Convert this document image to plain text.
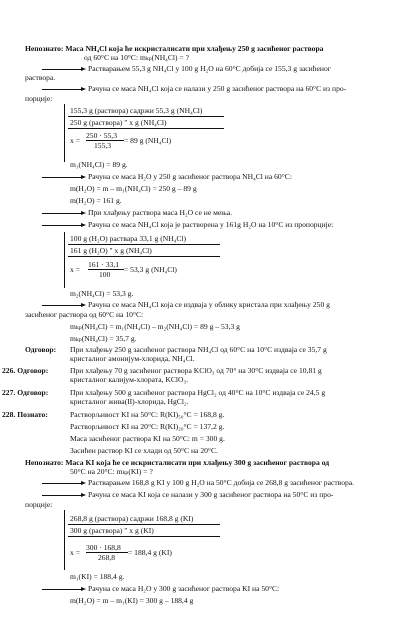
Непознато: Маса NH₄Cl која ће искристалисати при хлађењу 250 g засићеног раствора
од 60°C на 10°C: mₖₚ(NH₄Cl) = ?
Растварањем 55,3 g NH₄Cl у 100 g H₂O на 60°C добија се 155,3 g засићеног
раствора.
Рачуна се маса NH₄Cl која се налази у 250 g засићеног раствора на 60°C из про-
порције:
155,3 g (раствора) садржи 55,3 g (NH₄Cl)
250 g (раствора) " x g (NH₄Cl)
x =
250 · 55,3
155,3
= 89 g (NH₄Cl)
m₁(NH₄Cl) = 89 g.
Рачуна се маса H₂O у 250 g засићеног раствора NH₄Cl на 60°C:
m(H₂O) = m – m₁(NH₄Cl) = 250 g – 89 g
m(H₂O) = 161 g.
При хлађењу раствора маса H₂O се не мења.
Рачуна се маса NH₄Cl која је растворена у 161g H₂O на 10°C из пропорције:
100 g (H₂O) раствара 33,1 g (NH₄Cl)
161 g (H₂O) " x g (NH₄Cl)
x =
161 · 33,1
100
= 53,3 g (NH₄Cl)
m₂(NH₄Cl) = 53,3 g.
Рачуна се маса NH₄Cl која се издваја у облику кристала при хлађењу 250 g
засићеног раствора од 60°C на 10°C:
mₖₚ(NH₄Cl) = m₁(NH₄Cl) – m₂(NH₄Cl) = 89 g – 53,3 g
mₖₚ(NH₄Cl) = 35,7 g.
Одговор: При хлађењу 250 g засићеног раствора NH₄Cl од 60°C на 10°C издваја се 35,7 g
кристалног амонијум-хлорида, NH₄Cl.
226. Одговор:	При хлађењу 70 g засићеног раствора KClO₃ од 70° на 30°C издваја се 10,81 g
кристалног калијум-хлората, KClO₃.
227. Одговор:	При хлађењу 500 g засићеног раствора HgCl₂ од 40°C на 10°C издваја се 24,5 g
кристалног жива(II)-хлорида, HgCl₂.
228. Познато:	Растворљивост KI на 50°C: R(KI)₅₀°C = 168,8 g.
Растворљивост KI на 20°C: R(KI)₂₀°C = 137,2 g.
Маса засићеног раствора KI на 50°C: m = 300 g.
Засићен раствор KI се хлади од 50°C на 20°C.
Непознато: Маса KI која ће се искристалисати при хлађењу 300 g засићеног раствора од
50°C на 20°C: mₖₚ(KI) = ?
Растварањем 168,8 g KI у 100 g H₂O на 50°C добија се 268,8 g засићеног раствора.
Рачуна се маса KI која се налази у 300 g засићеног раствора на 50°C из про-
порције:
268,8 g (раствора) садржи 168,8 g (KI)
300 g (раствора) " x g (KI)
x =
300 · 168,8
268,8
= 188,4 g (KI)
m₁(KI) = 188,4 g.
Рачуна се маса H₂O у 300 g засићеног раствора KI на 50°C:
m(H₂O) = m – m₁(KI) = 300 g – 188,4 g
